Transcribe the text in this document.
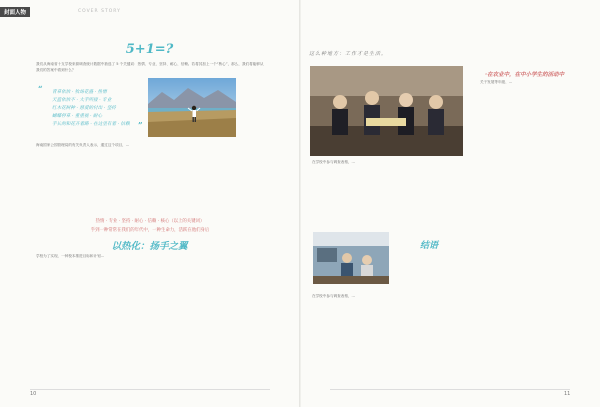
封面人物	COVER STORY
5+1=?
我们从海南省十支学校来源调查统计数据中抽选了 5 个关键词：热情、专业、坚持、耐心、信赖。若将其加上一个“核心”，那么，我们将能够从我们的答案中看到什么？
“ 青草依依 · 牧场花盛 · 热情
天蓝依依不 · 大手所接 · 专业
红木花树种 · 慈爱的付出 · 坚持
蝴蝶停草 · 重重视 · 耐心
手长的和花开着路 · 在这里有着 · 信赖 ”
海南国家公园管理局的有关负责人表示，通过这个项目，...
热情 · 专业 · 坚持 · 耐心 · 信赖 · 核心（以上的关键词）
乎到一种常常在我们的年代中，一种生命力，活跃在他们身后
以热化：扬手之翼
学校为了实现，一种校本推进目标和计划...
10
这么种地方：工作才是生活。
·在农业中，在中小学生的活动中
关于发展等年级、...
在学校中参与调查表格，...
结语
在学校中参与调查表格，...
11
